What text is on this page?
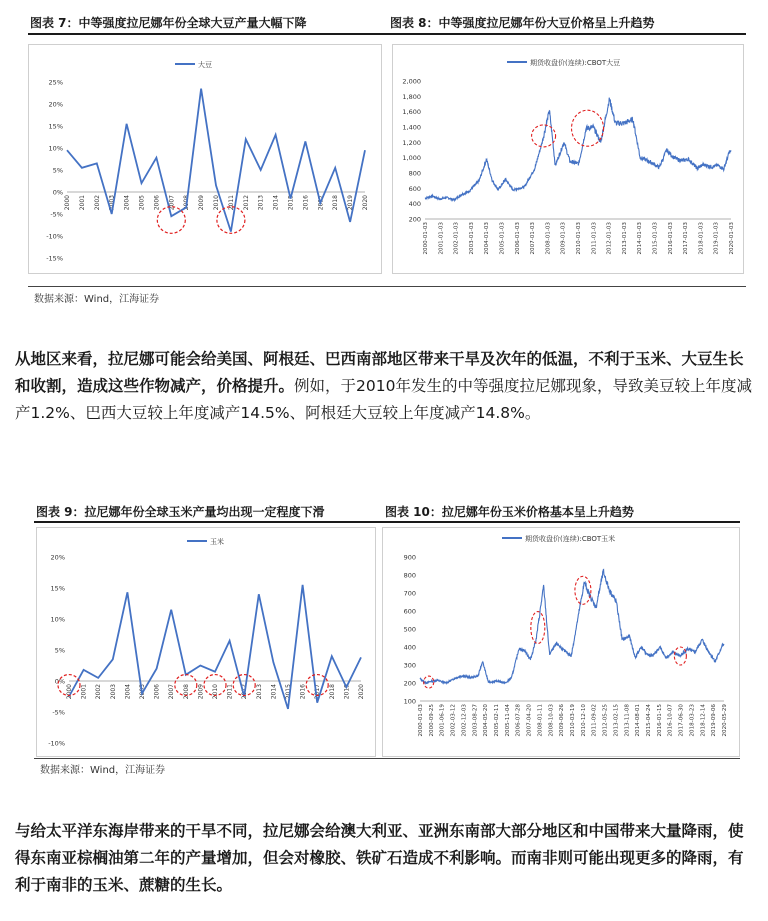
图表 7：中等强度拉尼娜年份全球大豆产量大幅下降	图表 8：中等强度拉尼娜年份大豆价格呈上升趋势
大豆
25%
20%
15%
10%
5%
0%
-5%
-10%
-15%
2000 2001 2002 2003 2004 2005 2006 2007 2008 2009 2010 2011 2012 2013 2014 2015 2016 2017 2018 2019 2020
期货收盘价(连续):CBOT大豆
2,000
1,800
1,600
1,400
1,200
1,000
800
600
400
200
2000-01-03 2001-01-03 2002-01-03 2003-01-03 2004-01-03 2005-01-03 2006-01-03 2007-01-03 2008-01-03 2009-01-03 2010-01-03 2011-01-03 2012-01-03 2013-01-03 2014-01-03 2015-01-03 2016-01-03 2017-01-03 2018-01-03 2019-01-03 2020-01-03
数据来源：Wind，江海证券
从地区来看，拉尼娜可能会给美国、阿根廷、巴西南部地区带来干旱及次年的低温，不利于玉米、大豆生长和收割，造成这些作物减产，价格提升。例如，于2010年发生的中等强度拉尼娜现象，导致美豆较上年度减产1.2%、巴西大豆较上年度减产14.5%、阿根廷大豆较上年度减产14.8%。
图表 9：拉尼娜年份全球玉米产量均出现一定程度下滑	图表 10：拉尼娜年份玉米价格基本呈上升趋势
玉米
20%
15%
10%
5%
0%
-5%
-10%
2000 2001 2002 2003 2004 2005 2006 2007 2008 2009 2010 2011 2012 2013 2014 2015 2016 2017 2018 2019 2020
期货收盘价(连续):CBOT玉米
900
800
700
600
500
400
300
200
100
2000-01-03 2000-09-25 2001-06-19 2002-03-12 2002-12-03 2003-08-27 2004-05-20 2005-02-11 2005-11-04 2006-07-28 2007-04-20 2008-01-11 2008-10-03 2009-06-26 2010-03-19 2010-12-10 2011-09-02 2012-05-25 2013-02-15 2013-11-08 2014-08-01 2015-04-24 2016-01-15 2016-10-07 2017-06-30 2018-03-23 2018-12-14 2019-09-06 2020-05-29
数据来源：Wind，江海证券
与给太平洋东海岸带来的干旱不同，拉尼娜会给澳大利亚、亚洲东南部大部分地区和中国带来大量降雨，使得东南亚棕榈油第二年的产量增加，但会对橡胶、铁矿石造成不利影响。而南非则可能出现更多的降雨，有利于南非的玉米、蔗糖的生长。
